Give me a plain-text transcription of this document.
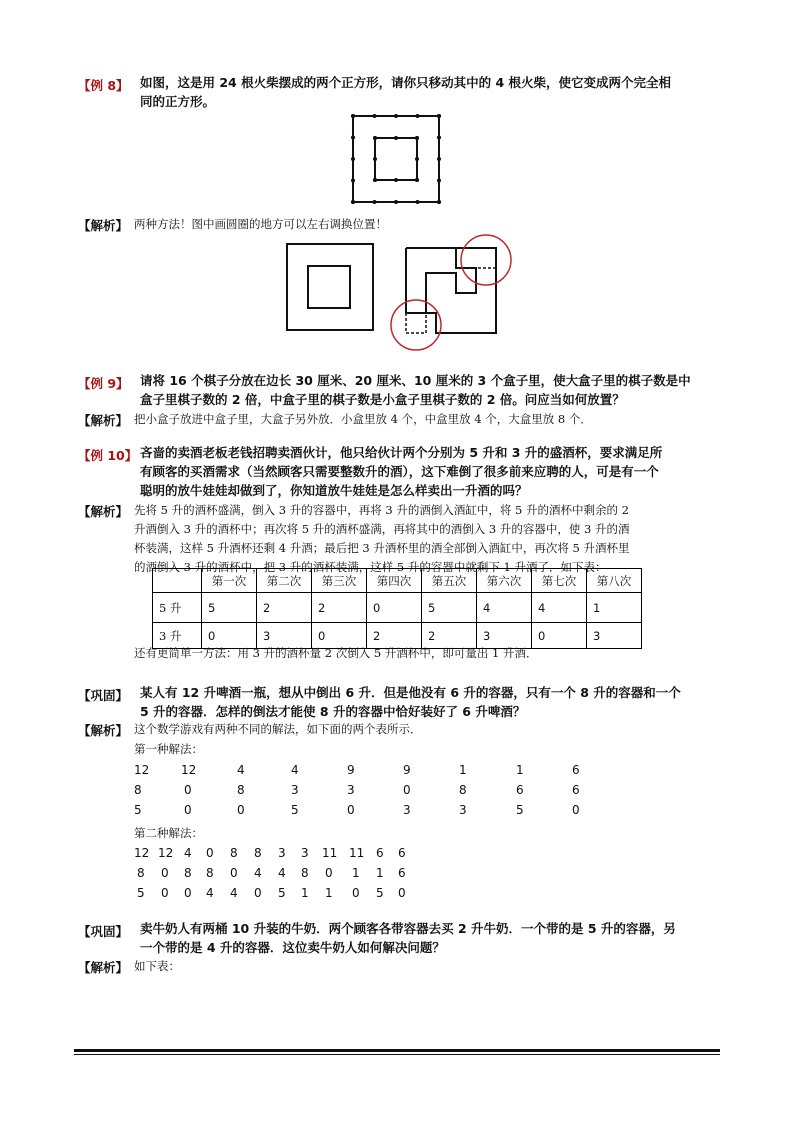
【例 8】 如图，这是用 24 根火柴摆成的两个正方形，请你只移动其中的 4 根火柴，使它变成两个完全相
同的正方形。
【解析】 两种方法！图中画圆圈的地方可以左右调换位置！
【例 9】 请将 16 个棋子分放在边长 30 厘米、20 厘米、10 厘米的 3 个盒子里，使大盒子里的棋子数是中
盒子里棋子数的 2 倍，中盒子里的棋子数是小盒子里棋子数的 2 倍。问应当如何放置？
【解析】 把小盒子放进中盒子里，大盒子另外放．小盒里放 4 个，中盒里放 4 个，大盒里放 8 个．
【例 10】 吝啬的卖酒老板老钱招聘卖酒伙计，他只给伙计两个分别为 5 升和 3 升的盛酒杯，要求满足所
有顾客的买酒需求（当然顾客只需要整数升的酒），这下难倒了很多前来应聘的人，可是有一个
聪明的放牛娃娃却做到了，你知道放牛娃娃是怎么样卖出一升酒的吗？
【解析】 先将 5 升的酒杯盛满，倒入 3 升的容器中，再将 3 升的酒倒入酒缸中，将 5 升的酒杯中剩余的 2
升酒倒入 3 升的酒杯中；再次将 5 升的酒杯盛满，再将其中的酒倒入 3 升的容器中，使 3 升的酒
杯装满，这样 5 升酒杯还剩 4 升酒；最后把 3 升酒杯里的酒全部倒入酒缸中，再次将 5 升酒杯里
的酒倒入 3 升的酒杯中，把 3 升的酒杯装满，这样 5 升的容器中就剩下 1 升酒了．如下表：
	第一次	第二次	第三次	第四次	第五次	第六次	第七次	第八次
5 升	5	2	2	0	5	4	4	1
3 升	0	3	0	2	2	3	0	3
还有更简单一方法：用 3 升的酒杯量 2 次倒入 5 升酒杯中，即可量出 1 升酒．
【巩固】 某人有 12 升啤酒一瓶，想从中倒出 6 升．但是他没有 6 升的容器，只有一个 8 升的容器和一个
5 升的容器．怎样的倒法才能使 8 升的容器中恰好装好了 6 升啤酒？
【解析】 这个数学游戏有两种不同的解法，如下面的两个表所示．
第一种解法：
12	12	4	4	9	9	1	1	6
8	0	8	3	3	0	8	6	6
5	0	0	5	0	3	3	5	0
第二种解法：
12 12 4 0 8 8 3 3 11 11 6 6
8 0 8 8 0 4 4 8 0 1 1 6
5 0 0 4 4 0 5 1 1 0 5 0
【巩固】 卖牛奶人有两桶 10 升装的牛奶．两个顾客各带容器去买 2 升牛奶．一个带的是 5 升的容器，另
一个带的是 4 升的容器．这位卖牛奶人如何解决问题？
【解析】 如下表：
